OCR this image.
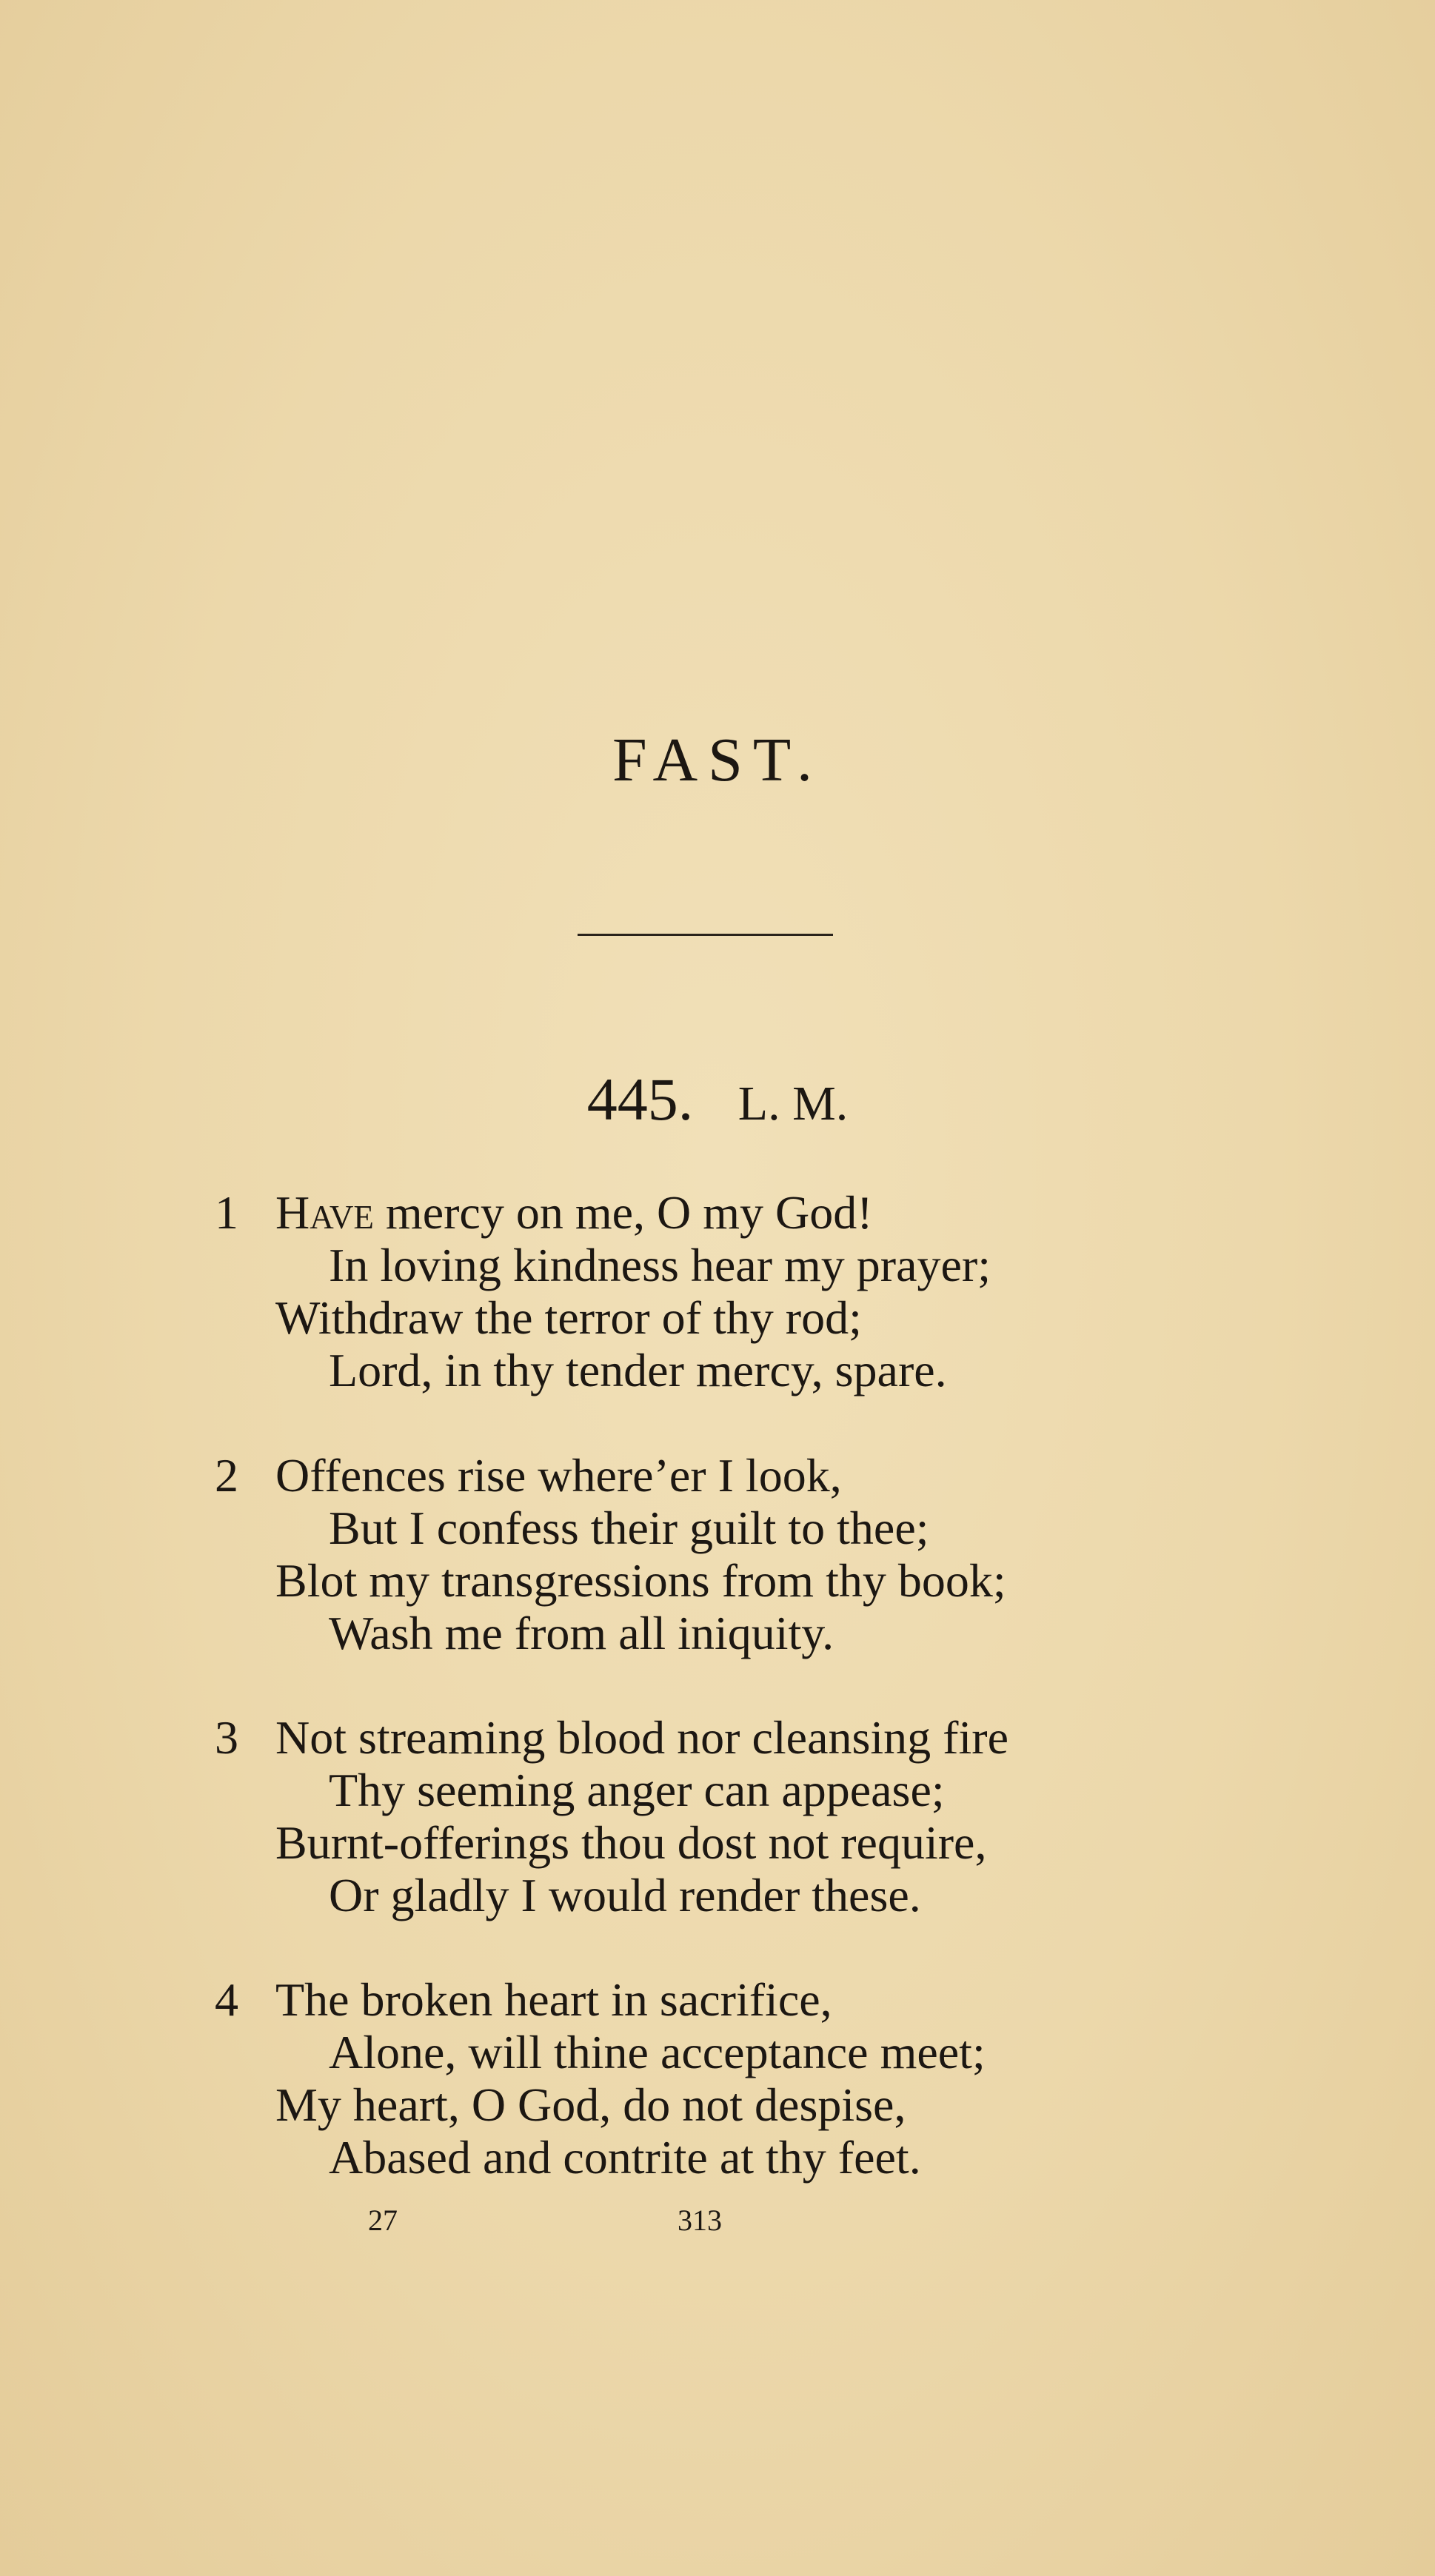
FAST.
445. L. M.
1 Have mercy on me, O my God!
In loving kindness hear my prayer;
Withdraw the terror of thy rod;
Lord, in thy tender mercy, spare.
2 Offences rise where’er I look,
But I confess their guilt to thee;
Blot my transgressions from thy book;
Wash me from all iniquity.
3 Not streaming blood nor cleansing fire
Thy seeming anger can appease;
Burnt-offerings thou dost not require,
Or gladly I would render these.
4 The broken heart in sacrifice,
Alone, will thine acceptance meet;
My heart, O God, do not despise,
Abased and contrite at thy feet.
27	313
